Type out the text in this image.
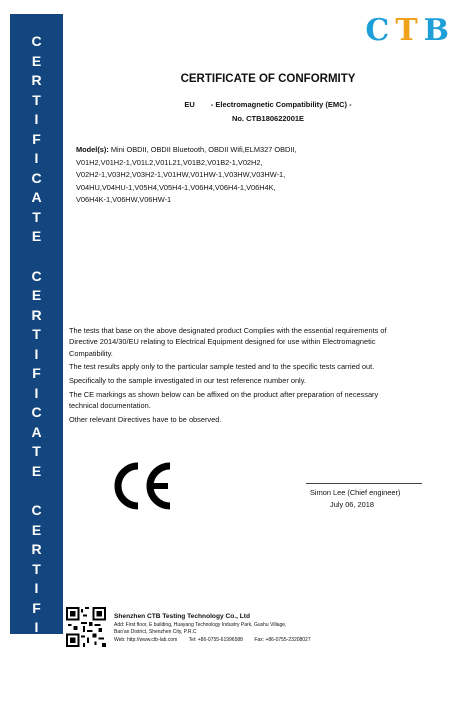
C
E
R
T
I
F
I
C
A
T
E
C
E
R
T
I
F
I
C
A
T
E
C
E
R
T
I
F
I
C
A
T
E
C T B
CERTIFICATE OF CONFORMITY
EU - Electromagnetic Compatibility (EMC) -
No. CTB180622001E
Model(s): Mini OBDII, OBDII Bluetooth, OBDII Wifi,ELM327 OBDII,
V01H2,V01H2-1,V01L2,V01L21,V01B2,V01B2-1,V02H2,
V02H2-1,V03H2,V03H2-1,V01HW,V01HW-1,V03HW,V03HW-1,
V04HU,V04HU-1,V05H4,V05H4-1,V06H4,V06H4-1,V06H4K,
V06H4K-1,V06HW,V06HW-1

The tests that base on the above designated product Complies with the essential requirements of Directive 2014/30/EU relating to Electrical Equipment designed for use within Electromagnetic Compatibility.

The test results apply only to the particular sample tested and to the specific tests carried out.

Specifically to the sample investigated in our test reference number only.

The CE markings as shown below can be affixed on the product after preparation of necessary technical documentation.

Other relevant Directives have to be observed.

Simon Lee (Chief engineer)
July 06, 2018
Shenzhen CTB Testing Technology Co., Ltd
Add: First floor, E building, Huayang Technology Industry Park, Gushu Village,
Bao'an District, Shenzhen City, P.R.C
Web: http://www.ctb-lab.com Tel: +86-0755-61996588 Fax: +86-0755-23208027
